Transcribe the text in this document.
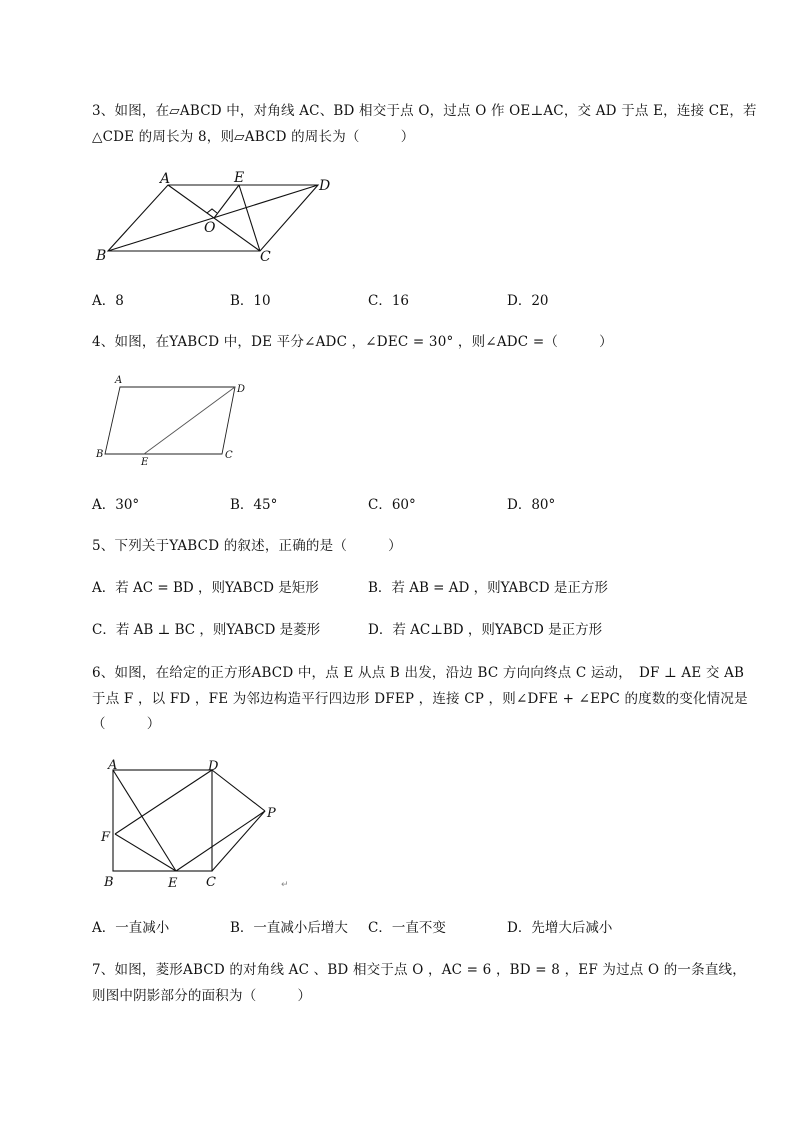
3、如图，在▱ABCD 中，对角线 AC、BD 相交于点 O，过点 O 作 OE⊥AC，交 AD 于点 E，连接 CE，若
△CDE 的周长为 8，则▱ABCD 的周长为（　　　）
A	E	D
O
B	C
A．8	B．10	C．16	D．20
4、如图，在YABCD 中，DE 平分∠ADC ，∠DEC = 30° ，则∠ADC =（　　　）
A
D
B
E
C
A．30°	B．45°	C．60°	D．80°
5、下列关于YABCD 的叙述，正确的是（　　　）
A．若 AC = BD ，则YABCD 是矩形	B．若 AB = AD ，则YABCD 是正方形
C．若 AB ⊥ BC ，则YABCD 是菱形	D．若 AC⊥BD ，则YABCD 是正方形
6、如图，在给定的正方形ABCD 中，点 E 从点 B 出发，沿边 BC 方向向终点 C 运动，　DF ⊥ AE 交 AB
于点 F ，以 FD ，FE 为邻边构造平行四边形 DFEP ，连接 CP ，则∠DFE + ∠EPC 的度数的变化情况是
（　　　）
A	D
P
F
B	E C	↵
A．一直减小	B．一直减小后增大 C．一直不变	D．先增大后减小
7、如图，菱形ABCD 的对角线 AC 、BD 相交于点 O ，AC = 6 ，BD = 8 ，EF 为过点 O 的一条直线，
则图中阴影部分的面积为（　　　）
